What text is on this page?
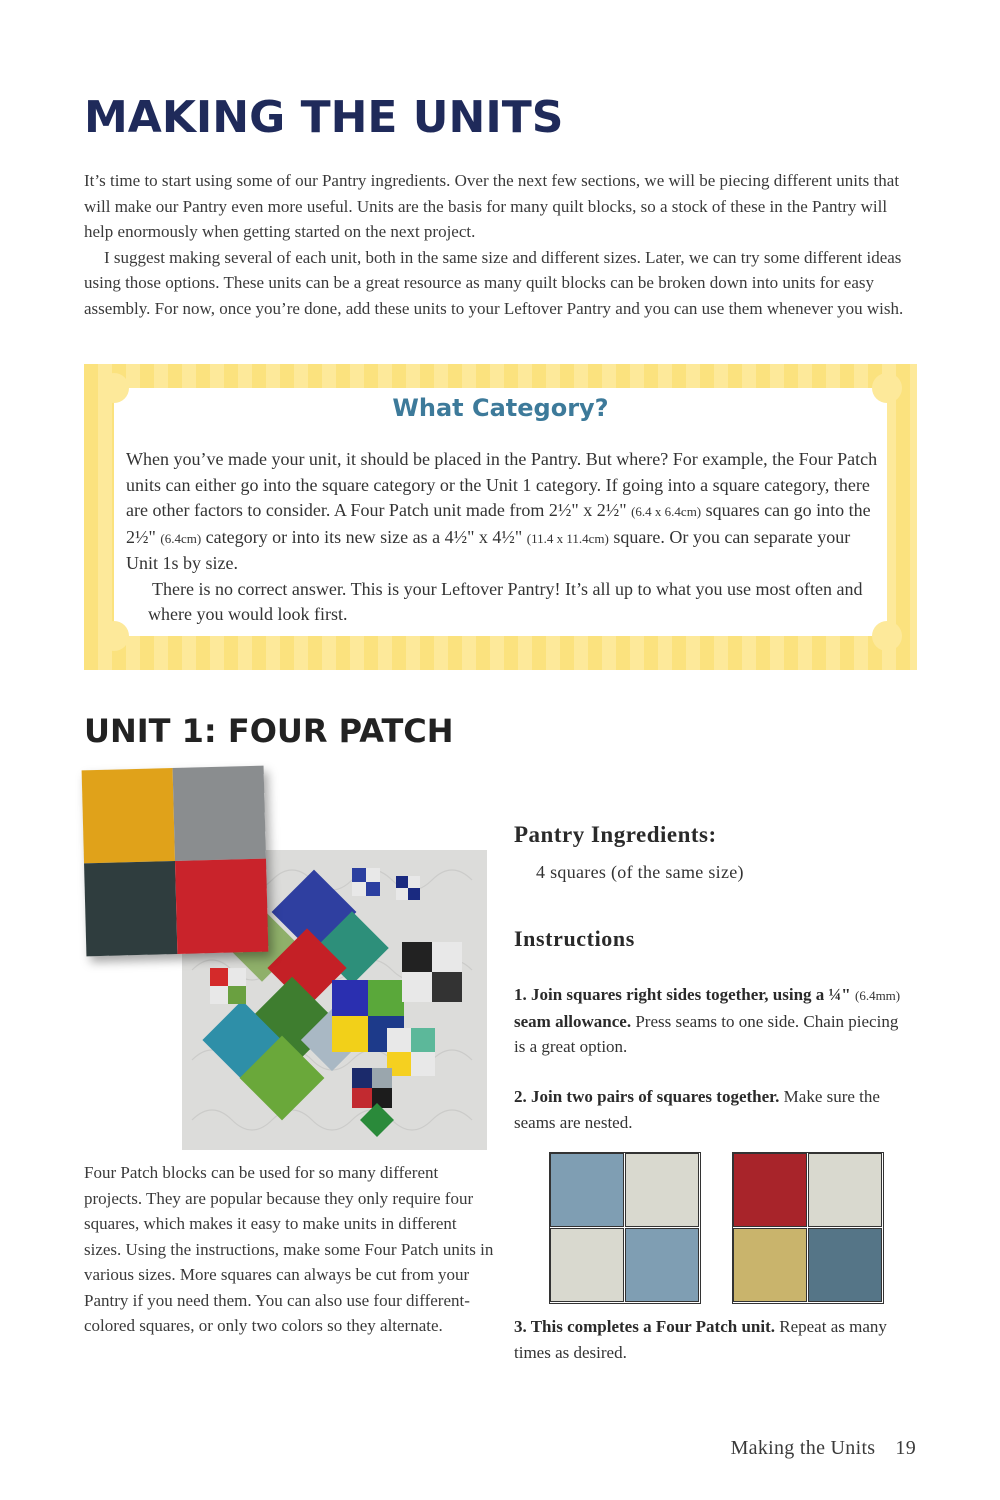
MAKING THE UNITS

It’s time to start using some of our Pantry ingredients. Over the next few sections, we will be piecing different units that will make our Pantry even more useful. Units are the basis for many quilt blocks, so a stock of these in the Pantry will help enormously when getting started on the next project.

I suggest making several of each unit, both in the same size and different sizes. Later, we can try some different ideas using those options. These units can be a great resource as many quilt blocks can be broken down into units for easy assembly. For now, once you’re done, add these units to your Leftover Pantry and you can use them whenever you wish.

What Category?

When you’ve made your unit, it should be placed in the Pantry. But where? For example, the Four Patch units can either go into the square category or the Unit 1 category. If going into a square category, there are other factors to consider. A Four Patch unit made from 2½" x 2½" (6.4 x 6.4cm) squares can go into the 2½" (6.4cm) category or into its new size as a 4½" x 4½" (11.4 x 11.4cm) square. Or you can separate your Unit 1s by size.

There is no correct answer. This is your Leftover Pantry! It’s all up to what you use most often and where you would look first.

UNIT 1: FOUR PATCH

Four Patch blocks can be used for so many different projects. They are popular because they only require four squares, which makes it easy to make units in different sizes. Using the instructions, make some Four Patch units in various sizes. More squares can always be cut from your Pantry if you need them. You can also use four different-colored squares, or only two colors so they alternate.

Pantry Ingredients:
4 squares (of the same size)
Instructions
1. Join squares right sides together, using a ¼" (6.4mm) seam allowance. Press seams to one side. Chain piecing is a great option.
2. Join two pairs of squares together. Make sure the seams are nested.
3. This completes a Four Patch unit. Repeat as many times as desired.
Making the Units 19
